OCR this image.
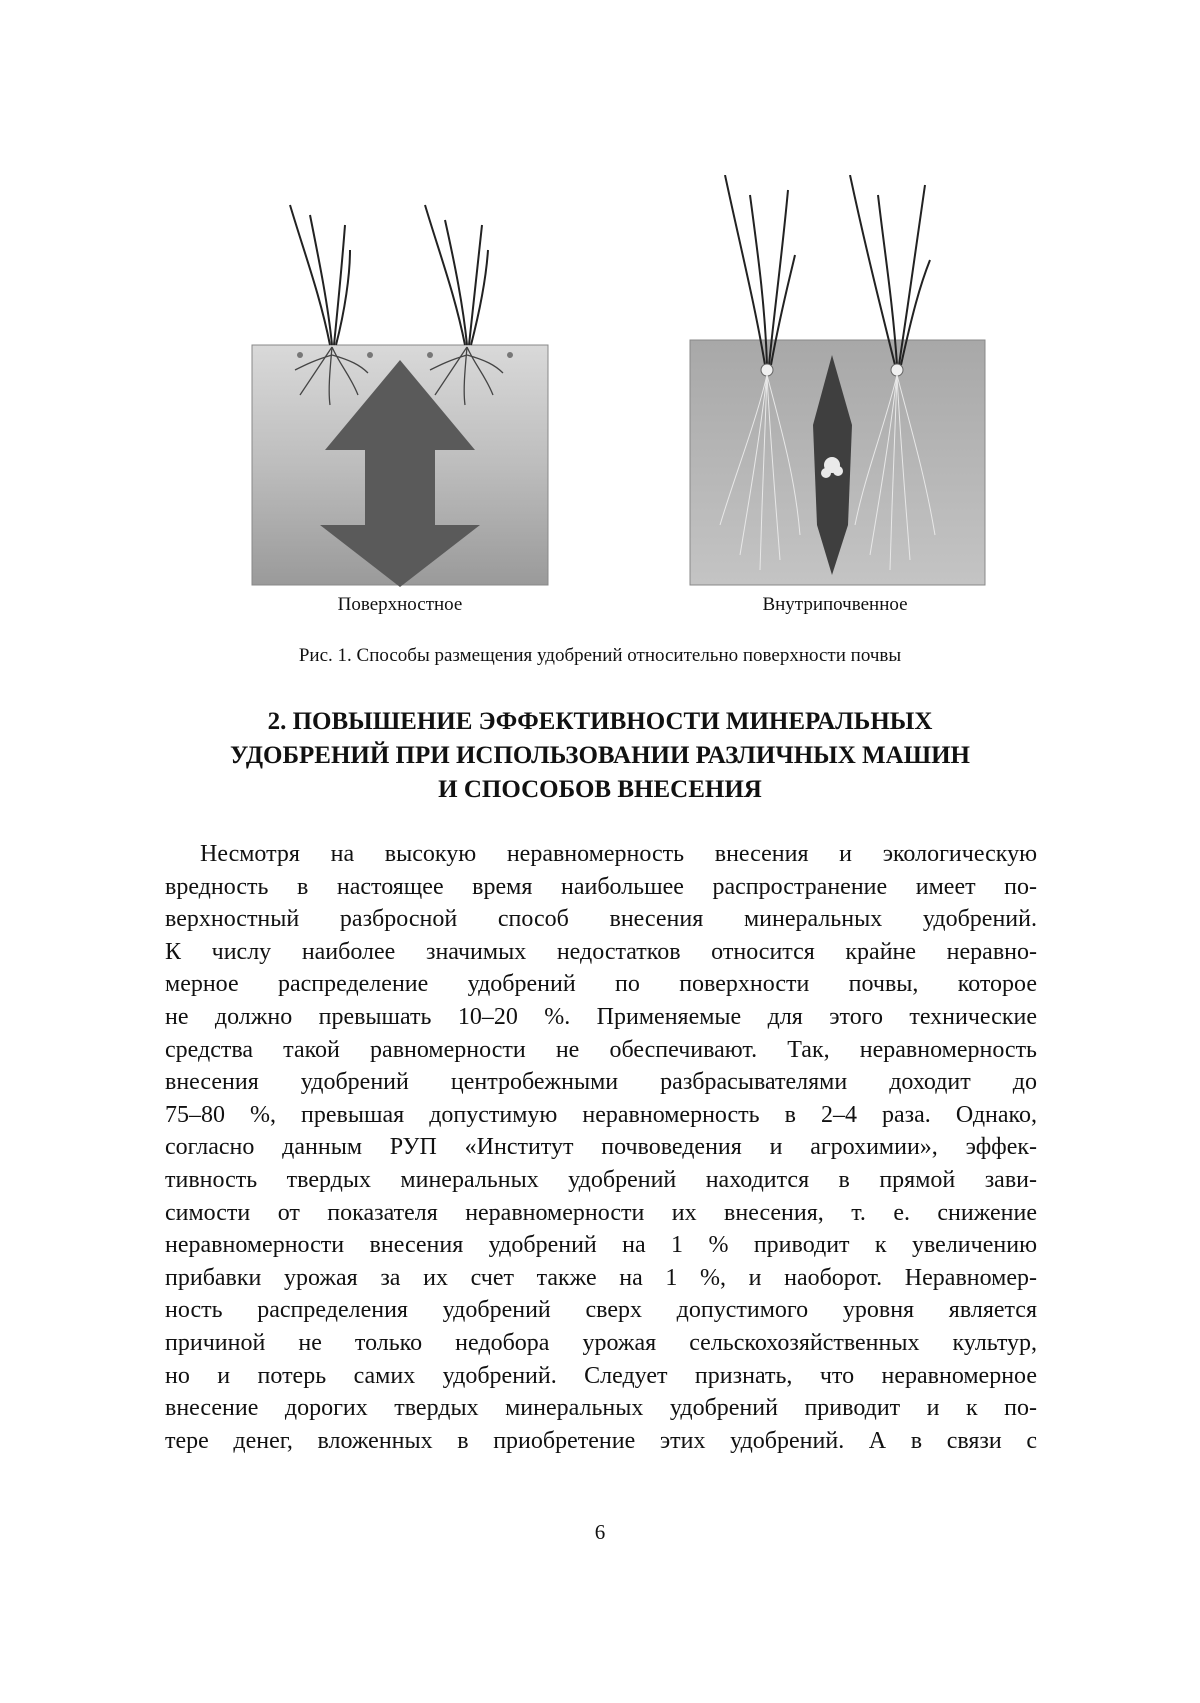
Поверхностное	Внутрипочвенное
Рис. 1. Способы размещения удобрений относительно поверхности почвы
2. ПОВЫШЕНИЕ ЭФФЕКТИВНОСТИ МИНЕРАЛЬНЫХ
УДОБРЕНИЙ ПРИ ИСПОЛЬЗОВАНИИ РАЗЛИЧНЫХ МАШИН
И СПОСОБОВ ВНЕСЕНИЯ
Несмотря на высокую неравномерность внесения и экологическую
вредность в настоящее время наибольшее распространение имеет по-
верхностный разбросной способ внесения минеральных удобрений.
К числу наиболее значимых недостатков относится крайне неравно-
мерное распределение удобрений по поверхности почвы, которое
не должно превышать 10–20 %. Применяемые для этого технические
средства такой равномерности не обеспечивают. Так, неравномерность
внесения удобрений центробежными разбрасывателями доходит до
75–80 %, превышая допустимую неравномерность в 2–4 раза. Однако,
согласно данным РУП «Институт почвоведения и агрохимии», эффек-
тивность твердых минеральных удобрений находится в прямой зави-
симости от показателя неравномерности их внесения, т. е. снижение
неравномерности внесения удобрений на 1 % приводит к увеличению
прибавки урожая за их счет также на 1 %, и наоборот. Неравномер-
ность распределения удобрений сверх допустимого уровня является
причиной не только недобора урожая сельскохозяйственных культур,
но и потерь самих удобрений. Следует признать, что неравномерное
внесение дорогих твердых минеральных удобрений приводит и к по-
тере денег, вложенных в приобретение этих удобрений. А в связи с
6
